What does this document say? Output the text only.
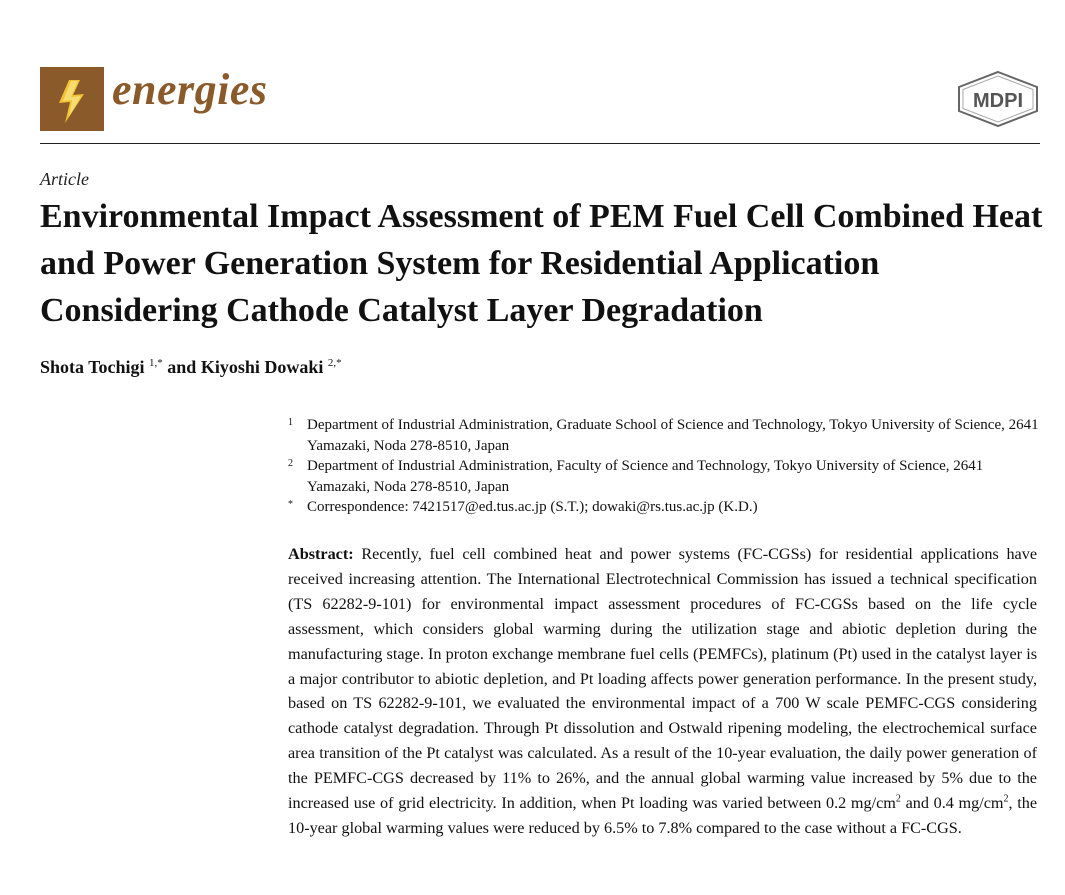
energies	MDPI
Article
Environmental Impact Assessment of PEM Fuel Cell Combined Heat and Power Generation System for Residential Application Considering Cathode Catalyst Layer Degradation
Shota Tochigi $^{1,*}$ and Kiyoshi Dowaki $^{2,*}$
1 Department of Industrial Administration, Graduate School of Science and Technology, Tokyo University of Science, 2641 Yamazaki, Noda 278-8510, Japan
2 Department of Industrial Administration, Faculty of Science and Technology, Tokyo University of Science, 2641 Yamazaki, Noda 278-8510, Japan
* Correspondence: 7421517@ed.tus.ac.jp (S.T.); dowaki@rs.tus.ac.jp (K.D.)

Abstract: Recently, fuel cell combined heat and power systems (FC-CGSs) for residential applications have received increasing attention. The International Electrotechnical Commission has issued a technical specification (TS 62282-9-101) for environmental impact assessment procedures of FC-CGSs based on the life cycle assessment, which considers global warming during the utilization stage and abiotic depletion during the manufacturing stage. In proton exchange membrane fuel cells (PEMFCs), platinum (Pt) used in the catalyst layer is a major contributor to abiotic depletion, and Pt loading affects power generation performance. In the present study, based on TS 62282-9-101, we evaluated the environmental impact of a 700 W scale PEMFC-CGS considering cathode catalyst degradation. Through Pt dissolution and Ostwald ripening modeling, the electrochemical surface area transition of the Pt catalyst was calculated. As a result of the 10-year evaluation, the daily power generation of the PEMFC-CGS decreased by 11% to 26%, and the annual global warming value increased by 5% due to the increased use of grid electricity. In addition, when Pt loading was varied between 0.2 $mg/cm^2$ and 0.4 $mg/cm^2$, the 10-year global warming values were reduced by 6.5% to 7.8% compared to the case without a FC-CGS.
